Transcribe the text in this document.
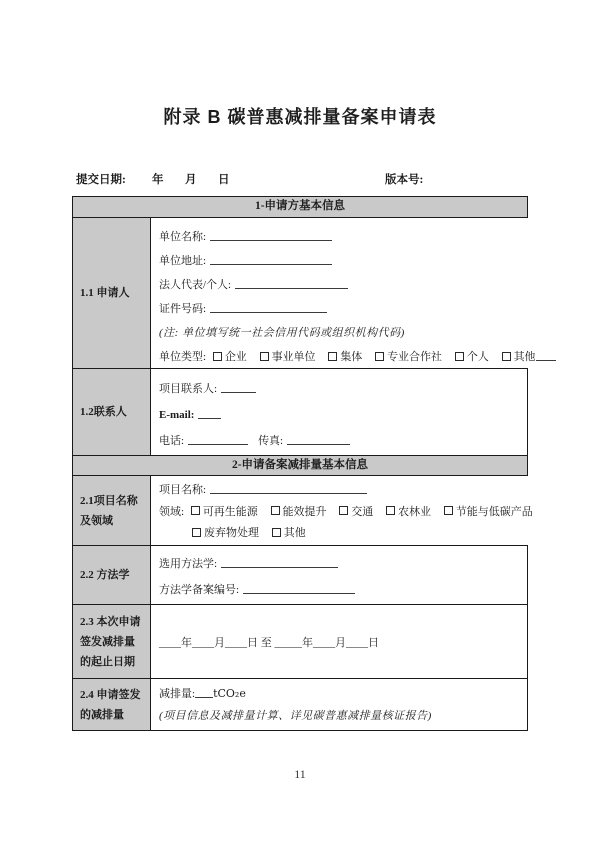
附录 B 碳普惠减排量备案申请表
提交日期: 年 月 日	版本号:
1-申请方基本信息
1.1 申请人
单位名称:
单位地址:
法人代表/个人:
证件号码:
(注: 单位填写统一社会信用代码或组织机构代码)
单位类型: 企业 事业单位 集体 专业合作社 个人 其他
1.2联系人
项目联系人:
E-mail:
电话:	传真:
2-申请备案减排量基本信息
2.1项目名称
及领域
项目名称:
领域: 可再生能源 能效提升 交通 农林业 节能与低碳产品
废弃物处理 其他
2.2 方法学
选用方法学:
方法学备案编号:
2.3 本次申请
签发减排量
的起止日期
____年____月____日 至 _____年____月____日
2.4 申请签发
的减排量
减排量: tCO₂e
(项目信息及减排量计算、详见碳普惠减排量核证报告)
11
